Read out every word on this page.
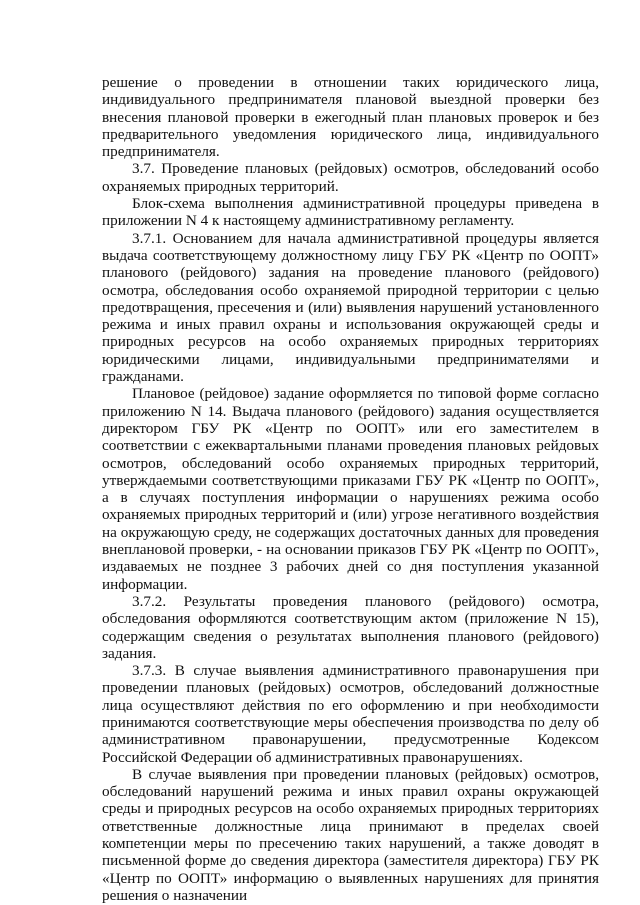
решение о проведении в отношении таких юридического лица, индивидуального предпринимателя плановой выездной проверки без внесения плановой проверки в ежегодный план плановых проверок и без предварительного уведомления юридического лица, индивидуального предпринимателя.

3.7. Проведение плановых (рейдовых) осмотров, обследований особо охраняемых природных территорий.

Блок-схема выполнения административной процедуры приведена в приложении N 4 к настоящему административному регламенту.

3.7.1. Основанием для начала административной процедуры является выдача соответствующему должностному лицу ГБУ РК «Центр по ООПТ» планового (рейдового) задания на проведение планового (рейдового) осмотра, обследования особо охраняемой природной территории с целью предотвращения, пресечения и (или) выявления нарушений установленного режима и иных правил охраны и использования окружающей среды и природных ресурсов на особо охраняемых природных территориях юридическими лицами, индивидуальными предпринимателями и гражданами.

Плановое (рейдовое) задание оформляется по типовой форме согласно приложению N 14. Выдача планового (рейдового) задания осуществляется директором ГБУ РК «Центр по ООПТ» или его заместителем в соответствии с ежеквартальными планами проведения плановых рейдовых осмотров, обследований особо охраняемых природных территорий, утверждаемыми соответствующими приказами ГБУ РК «Центр по ООПТ», а в случаях поступления информации о нарушениях режима особо охраняемых природных территорий и (или) угрозе негативного воздействия на окружающую среду, не содержащих достаточных данных для проведения внеплановой проверки, - на основании приказов ГБУ РК «Центр по ООПТ», издаваемых не позднее 3 рабочих дней со дня поступления указанной информации.

3.7.2. Результаты проведения планового (рейдового) осмотра, обследования оформляются соответствующим актом (приложение N 15), содержащим сведения о результатах выполнения планового (рейдового) задания.

3.7.3. В случае выявления административного правонарушения при проведении плановых (рейдовых) осмотров, обследований должностные лица осуществляют действия по его оформлению и при необходимости принимаются соответствующие меры обеспечения производства по делу об административном правонарушении, предусмотренные Кодексом Российской Федерации об административных правонарушениях.

В случае выявления при проведении плановых (рейдовых) осмотров, обследований нарушений режима и иных правил охраны окружающей среды и природных ресурсов на особо охраняемых природных территориях ответственные должностные лица принимают в пределах своей компетенции меры по пресечению таких нарушений, а также доводят в письменной форме до сведения директора (заместителя директора) ГБУ РК «Центр по ООПТ» информацию о выявленных нарушениях для принятия решения о назначении
